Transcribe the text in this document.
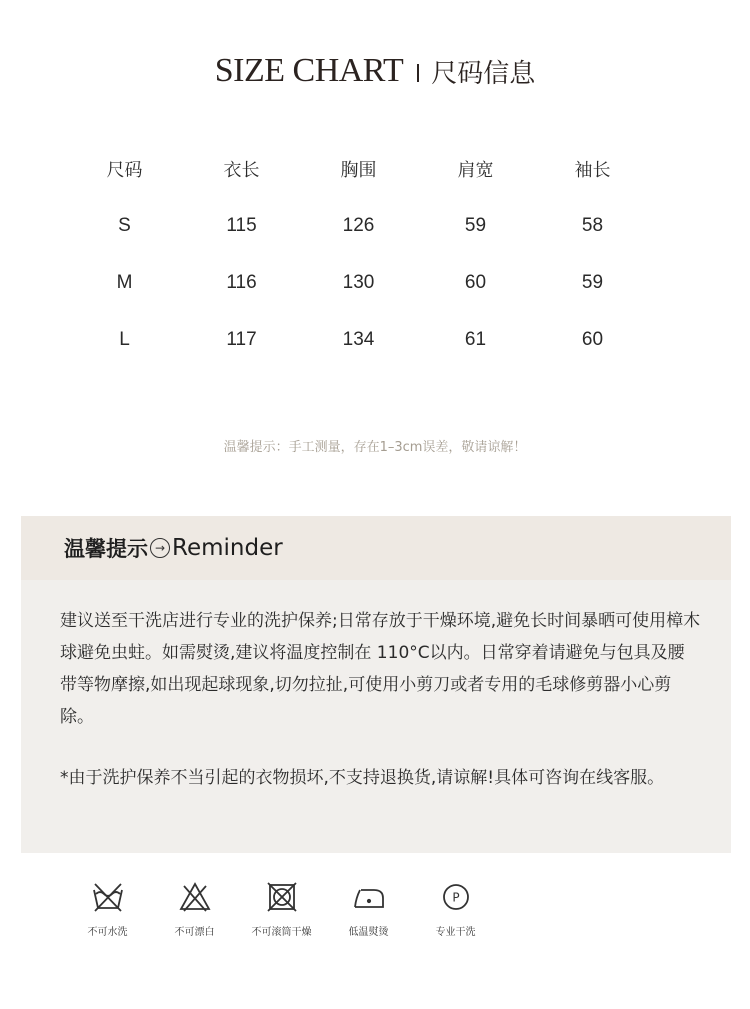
SIZE CHART 尺码信息
尺码	衣长	胸围	肩宽	袖长
S	115	126	59	58
M	116	130	60	59
L	117	134	61	60
温馨提示：手工测量，存在1–3cm误差，敬请谅解！
温馨提示 → Reminder

建议送至干洗店进行专业的洗护保养;日常存放于干燥环境,避免长时间暴晒可使用樟木球避免虫蛀。如需熨烫,建议将温度控制在 110°C以内。日常穿着请避免与包具及腰带等物摩擦,如出现起球现象,切勿拉扯,可使用小剪刀或者专用的毛球修剪器小心剪除。

*由于洗护保养不当引起的衣物损坏,不支持退换货,请谅解!具体可咨询在线客服。

不可水洗	不可漂白	不可滚筒干燥	低温熨烫
P
专业干洗
